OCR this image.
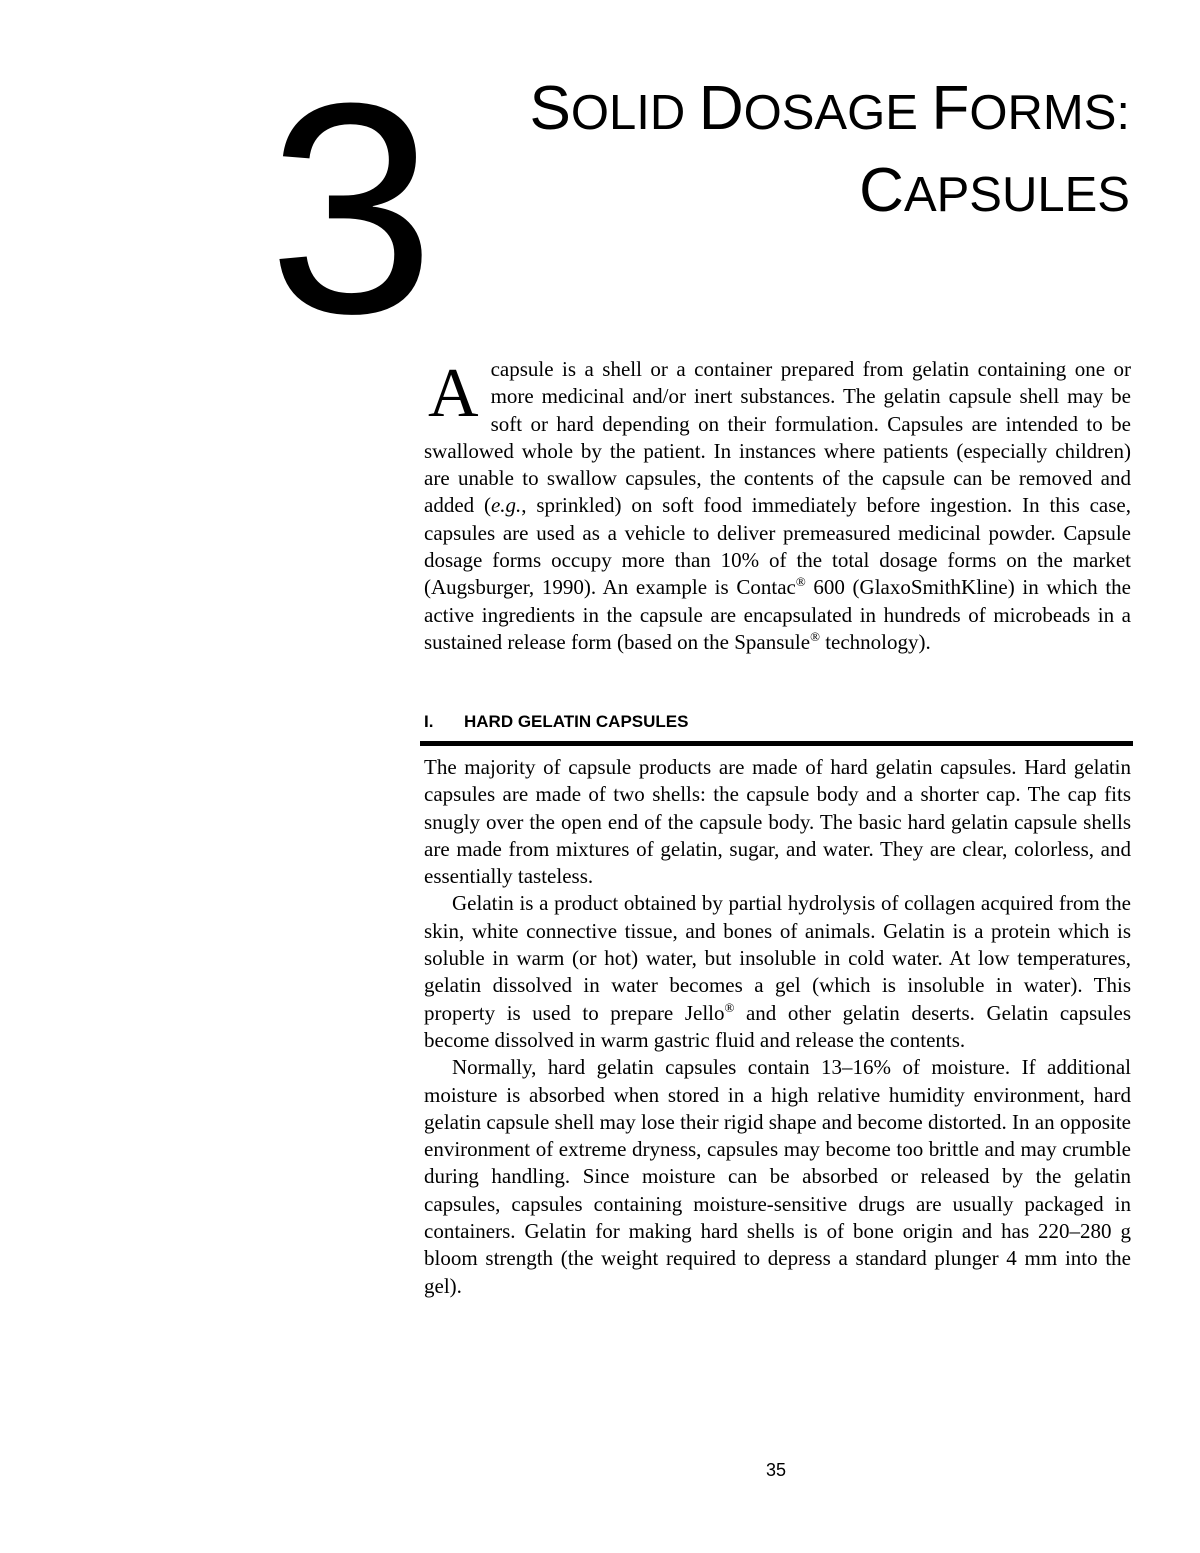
3 SOLID DOSAGE FORMS:
CAPSULES
Acapsule is a shell or a container prepared from gelatin containing one or more medicinal and/or inert substances. The gelatin capsule shell may be soft or hard depending on their formulation. Capsules are intended to be swallowed whole by the patient. In instances where patients (especially children) are unable to swallow capsules, the contents of the capsule can be removed and added (e.g., sprinkled) on soft food immediately before ingestion. In this case, capsules are used as a vehicle to deliver premeasured medicinal powder. Capsule dosage forms occupy more than 10% of the total dosage forms on the market (Augsburger, 1990). An example is Contac® 600 (GlaxoSmithKline) in which the active ingredients in the capsule are encapsulated in hundreds of microbeads in a sustained release form (based on the Spansule® technology).
I. HARD GELATIN CAPSULES

The majority of capsule products are made of hard gelatin capsules. Hard gelatin capsules are made of two shells: the capsule body and a shorter cap. The cap fits snugly over the open end of the capsule body. The basic hard gelatin capsule shells are made from mixtures of gelatin, sugar, and water. They are clear, colorless, and essentially tasteless.

Gelatin is a product obtained by partial hydrolysis of collagen acquired from the skin, white connective tissue, and bones of animals. Gelatin is a protein which is soluble in warm (or hot) water, but insoluble in cold water. At low temperatures, gelatin dissolved in water becomes a gel (which is insoluble in water). This property is used to prepare Jello® and other gelatin deserts. Gelatin capsules become dissolved in warm gastric fluid and release the contents.

Normally, hard gelatin capsules contain 13–16% of moisture. If additional moisture is absorbed when stored in a high relative humidity environment, hard gelatin capsule shell may lose their rigid shape and become distorted. In an opposite environment of extreme dryness, capsules may become too brittle and may crumble during handling. Since moisture can be absorbed or released by the gelatin capsules, capsules containing moisture-sensitive drugs are usually packaged in containers. Gelatin for making hard shells is of bone origin and has 220–280 g bloom strength (the weight required to depress a standard plunger 4 mm into the gel).

35
